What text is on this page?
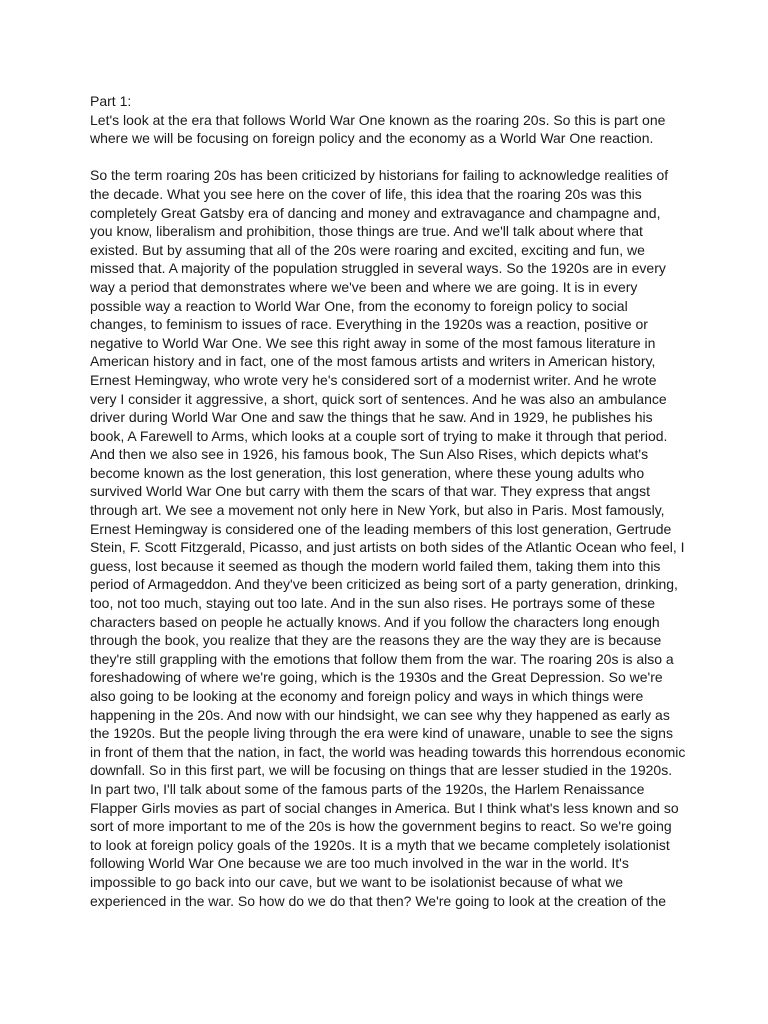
Part 1:
Let's look at the era that follows World War One known as the roaring 20s. So this is part one
where we will be focusing on foreign policy and the economy as a World War One reaction.
So the term roaring 20s has been criticized by historians for failing to acknowledge realities of
the decade. What you see here on the cover of life, this idea that the roaring 20s was this
completely Great Gatsby era of dancing and money and extravagance and champagne and,
you know, liberalism and prohibition, those things are true. And we'll talk about where that
existed. But by assuming that all of the 20s were roaring and excited, exciting and fun, we
missed that. A majority of the population struggled in several ways. So the 1920s are in every
way a period that demonstrates where we've been and where we are going. It is in every
possible way a reaction to World War One, from the economy to foreign policy to social
changes, to feminism to issues of race. Everything in the 1920s was a reaction, positive or
negative to World War One. We see this right away in some of the most famous literature in
American history and in fact, one of the most famous artists and writers in American history,
Ernest Hemingway, who wrote very he's considered sort of a modernist writer. And he wrote
very I consider it aggressive, a short, quick sort of sentences. And he was also an ambulance
driver during World War One and saw the things that he saw. And in 1929, he publishes his
book, A Farewell to Arms, which looks at a couple sort of trying to make it through that period.
And then we also see in 1926, his famous book, The Sun Also Rises, which depicts what's
become known as the lost generation, this lost generation, where these young adults who
survived World War One but carry with them the scars of that war. They express that angst
through art. We see a movement not only here in New York, but also in Paris. Most famously,
Ernest Hemingway is considered one of the leading members of this lost generation, Gertrude
Stein, F. Scott Fitzgerald, Picasso, and just artists on both sides of the Atlantic Ocean who feel, I
guess, lost because it seemed as though the modern world failed them, taking them into this
period of Armageddon. And they've been criticized as being sort of a party generation, drinking,
too, not too much, staying out too late. And in the sun also rises. He portrays some of these
characters based on people he actually knows. And if you follow the characters long enough
through the book, you realize that they are the reasons they are the way they are is because
they're still grappling with the emotions that follow them from the war. The roaring 20s is also a
foreshadowing of where we're going, which is the 1930s and the Great Depression. So we're
also going to be looking at the economy and foreign policy and ways in which things were
happening in the 20s. And now with our hindsight, we can see why they happened as early as
the 1920s. But the people living through the era were kind of unaware, unable to see the signs
in front of them that the nation, in fact, the world was heading towards this horrendous economic
downfall. So in this first part, we will be focusing on things that are lesser studied in the 1920s.
In part two, I'll talk about some of the famous parts of the 1920s, the Harlem Renaissance
Flapper Girls movies as part of social changes in America. But I think what's less known and so
sort of more important to me of the 20s is how the government begins to react. So we're going
to look at foreign policy goals of the 1920s. It is a myth that we became completely isolationist
following World War One because we are too much involved in the war in the world. It's
impossible to go back into our cave, but we want to be isolationist because of what we
experienced in the war. So how do we do that then? We're going to look at the creation of the
